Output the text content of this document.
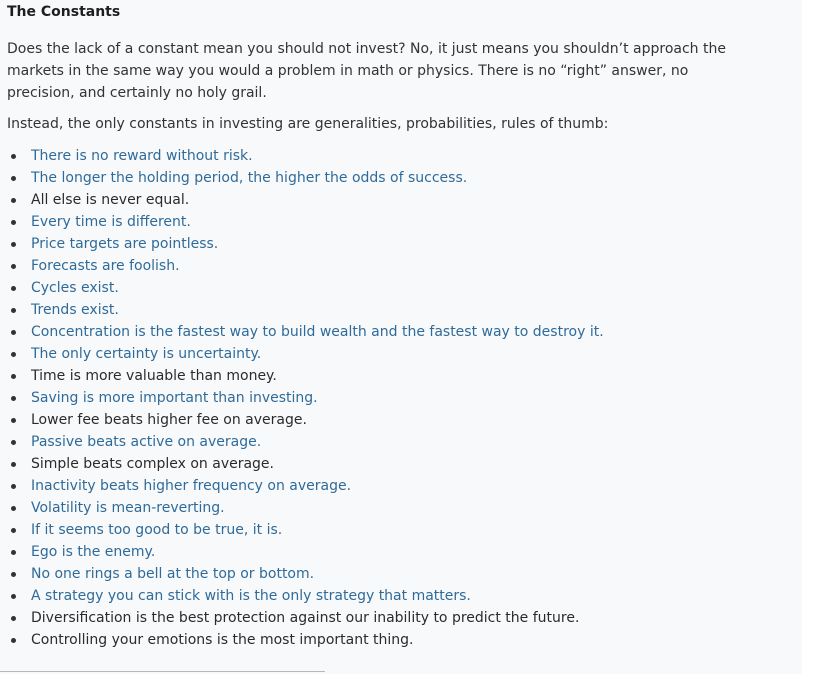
The Constants

Does the lack of a constant mean you should not invest? No, it just means you shouldn’t approach the markets in the same way you would a problem in math or physics. There is no “right” answer, no precision, and certainly no holy grail.

Instead, the only constants in investing are generalities, probabilities, rules of thumb:

There is no reward without risk.
The longer the holding period, the higher the odds of success.
All else is never equal.
Every time is different.
Price targets are pointless.
Forecasts are foolish.
Cycles exist.
Trends exist.
Concentration is the fastest way to build wealth and the fastest way to destroy it.
The only certainty is uncertainty.
Time is more valuable than money.
Saving is more important than investing.
Lower fee beats higher fee on average.
Passive beats active on average.
Simple beats complex on average.
Inactivity beats higher frequency on average.
Volatility is mean-reverting.
If it seems too good to be true, it is.
Ego is the enemy.
No one rings a bell at the top or bottom.
A strategy you can stick with is the only strategy that matters.
Diversification is the best protection against our inability to predict the future.
Controlling your emotions is the most important thing.
